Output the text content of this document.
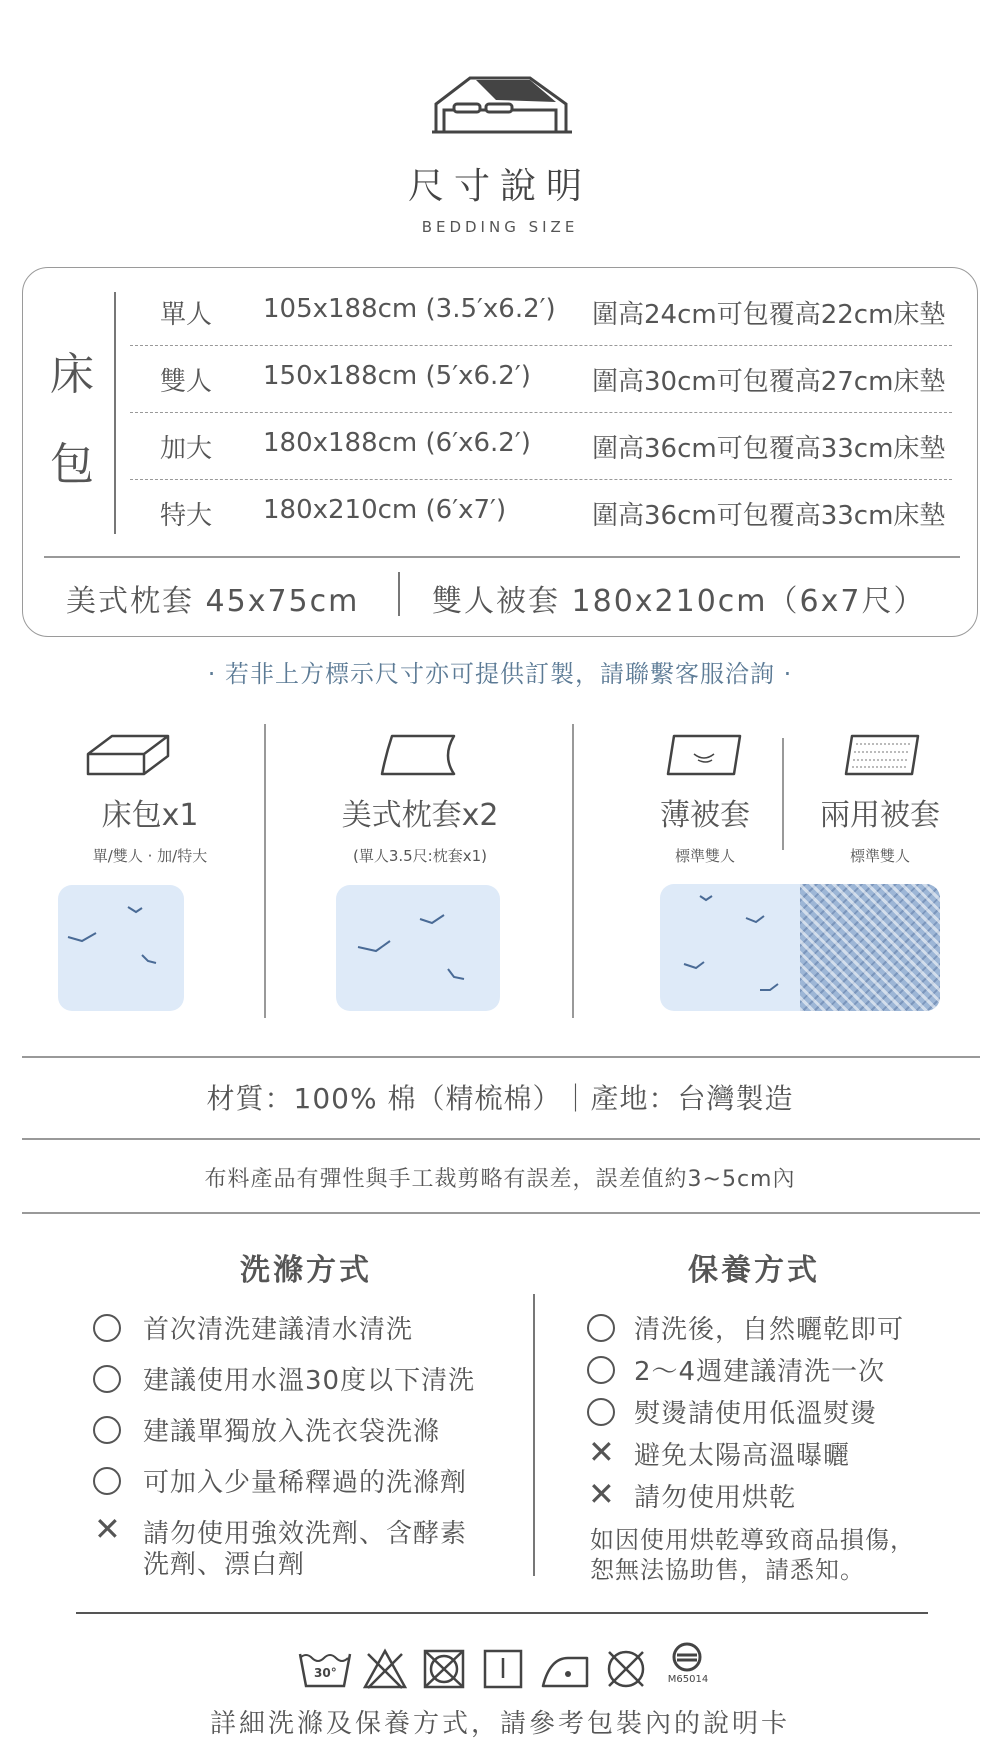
尺寸說明
BEDDING SIZE
床
包
單人 105x188cm (3.5′x6.2′) 圍高24cm可包覆高22cm床墊
雙人 150x188cm (5′x6.2′) 圍高30cm可包覆高27cm床墊
加大 180x188cm (6′x6.2′) 圍高36cm可包覆高33cm床墊
特大 180x210cm (6′x7′)	圍高36cm可包覆高33cm床墊
美式枕套 45x75cm 雙人被套 180x210cm（6x7尺）
· 若非上方標示尺寸亦可提供訂製，請聯繫客服洽詢 ·
床包x1
單/雙人 · 加/特大
美式枕套x2
(單人3.5尺:枕套x1)
薄被套
標準雙人
兩用被套
標準雙人
材質：100% 棉（精梳棉）｜產地：台灣製造
布料產品有彈性與手工裁剪略有誤差，誤差值約3~5cm內
洗滌方式
首次清洗建議清水清洗
建議使用水溫30度以下清洗
建議單獨放入洗衣袋洗滌
可加入少量稀釋過的洗滌劑
✕ 請勿使用強效洗劑、含酵素
洗劑、漂白劑
保養方式
清洗後，自然曬乾即可
2～4週建議清洗一次
熨燙請使用低溫熨燙
✕ 避免太陽高溫曝曬
✕ 請勿使用烘乾
如因使用烘乾導致商品損傷，
恕無法協助售，請悉知。
30°	M65014
詳細洗滌及保養方式，請參考包裝內的說明卡
